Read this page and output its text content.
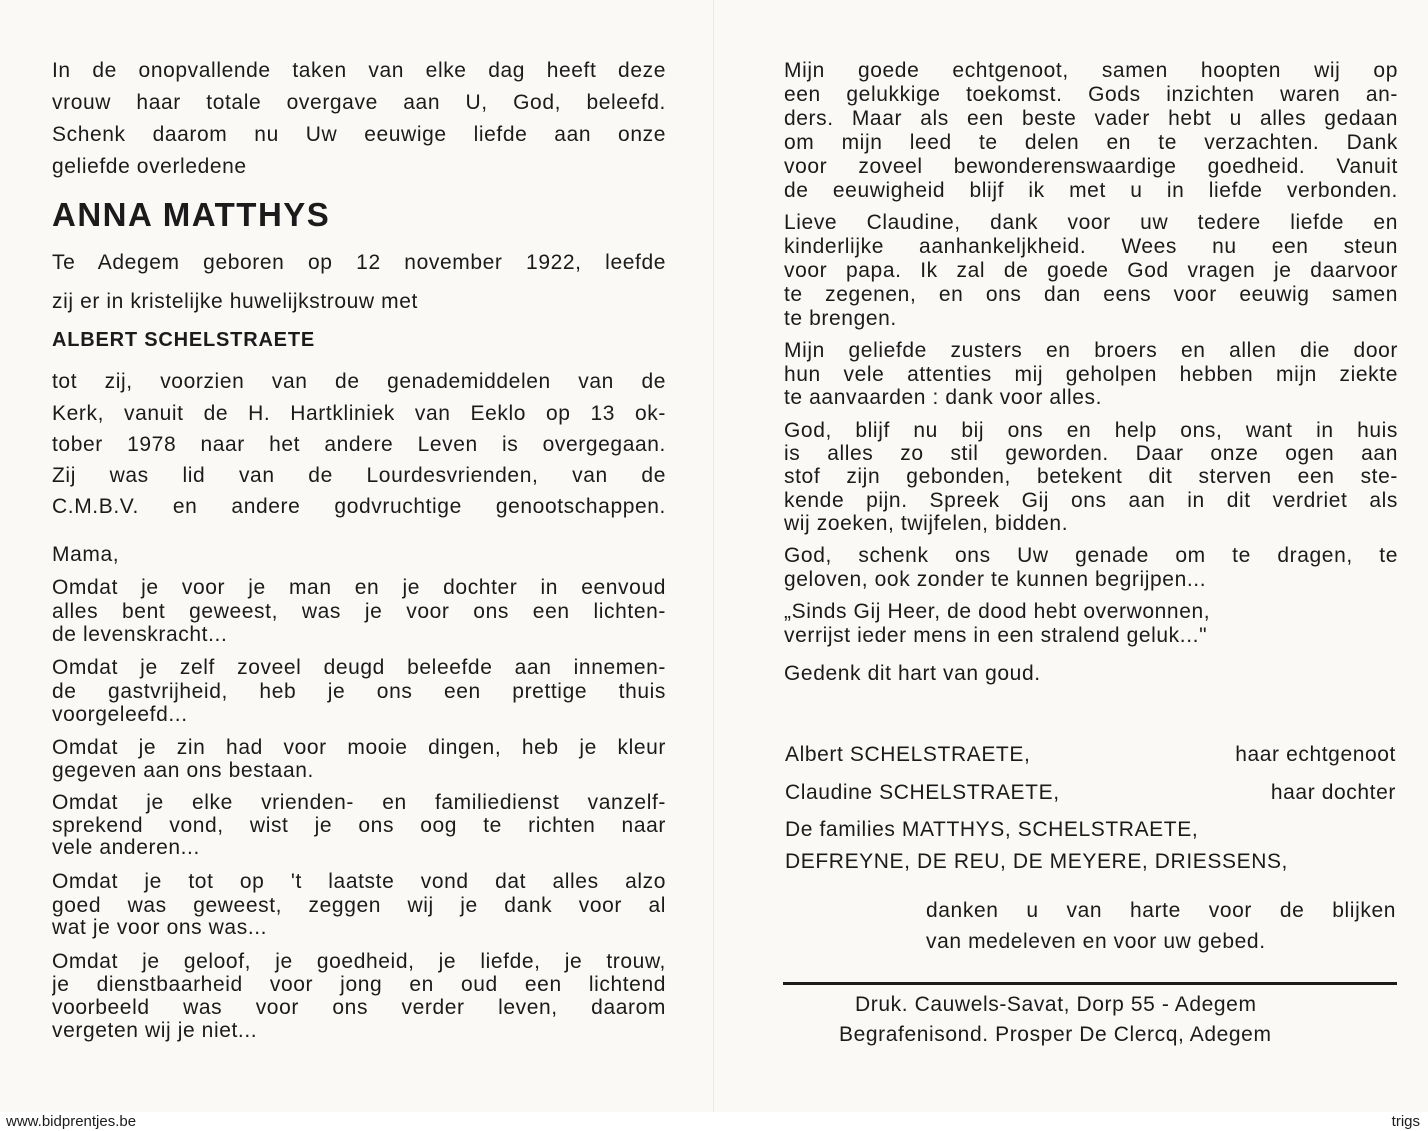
In de onopvallende taken van elke dag heeft deze
vrouw haar totale overgave aan U, God, beleefd.
Schenk daarom nu Uw eeuwige liefde aan onze
geliefde overledene
ANNA MATTHYS
Te Adegem geboren op 12 november 1922, leefde
zij er in kristelijke huwelijkstrouw met
ALBERT SCHELSTRAETE
tot zij, voorzien van de genademiddelen van de
Kerk, vanuit de H. Hartkliniek van Eeklo op 13 ok-
tober 1978 naar het andere Leven is overgegaan.
Zij was lid van de Lourdesvrienden, van de
C.M.B.V. en andere godvruchtige genootschappen.
Mama,
Omdat je voor je man en je dochter in eenvoud
alles bent geweest, was je voor ons een lichten-
de levenskracht...
Omdat je zelf zoveel deugd beleefde aan innemen-
de gastvrijheid, heb je ons een prettige thuis
voorgeleefd...
Omdat je zin had voor mooie dingen, heb je kleur
gegeven aan ons bestaan.
Omdat je elke vrienden- en familiedienst vanzelf-
sprekend vond, wist je ons oog te richten naar
vele anderen...
Omdat je tot op 't laatste vond dat alles alzo
goed was geweest, zeggen wij je dank voor al
wat je voor ons was...
Omdat je geloof, je goedheid, je liefde, je trouw,
je dienstbaarheid voor jong en oud een lichtend
voorbeeld was voor ons verder leven, daarom
vergeten wij je niet...
Mijn goede echtgenoot, samen hoopten wij op
een gelukkige toekomst. Gods inzichten waren an-
ders. Maar als een beste vader hebt u alles gedaan
om mijn leed te delen en te verzachten. Dank
voor zoveel bewonderenswaardige goedheid. Vanuit
de eeuwigheid blijf ik met u in liefde verbonden.
Lieve Claudine, dank voor uw tedere liefde en
kinderlijke aanhankeljkheid. Wees nu een steun
voor papa. Ik zal de goede God vragen je daarvoor
te zegenen, en ons dan eens voor eeuwig samen
te brengen.
Mijn geliefde zusters en broers en allen die door
hun vele attenties mij geholpen hebben mijn ziekte
te aanvaarden : dank voor alles.
God, blijf nu bij ons en help ons, want in huis
is alles zo stil geworden. Daar onze ogen aan
stof zijn gebonden, betekent dit sterven een ste-
kende pijn. Spreek Gij ons aan in dit verdriet als
wij zoeken, twijfelen, bidden.
God, schenk ons Uw genade om te dragen, te
geloven, ook zonder te kunnen begrijpen...
„Sinds Gij Heer, de dood hebt overwonnen,
verrijst ieder mens in een stralend geluk..."
Gedenk dit hart van goud.
Albert SCHELSTRAETE,	haar echtgenoot
Claudine SCHELSTRAETE,	haar dochter
De families MATTHYS, SCHELSTRAETE,
DEFREYNE, DE REU, DE MEYERE, DRIESSENS,
danken u van harte voor de blijken
van medeleven en voor uw gebed.
Druk. Cauwels-Savat, Dorp 55 - Adegem
Begrafenisond. Prosper De Clercq, Adegem
www.bidprentjes.be	trigs
